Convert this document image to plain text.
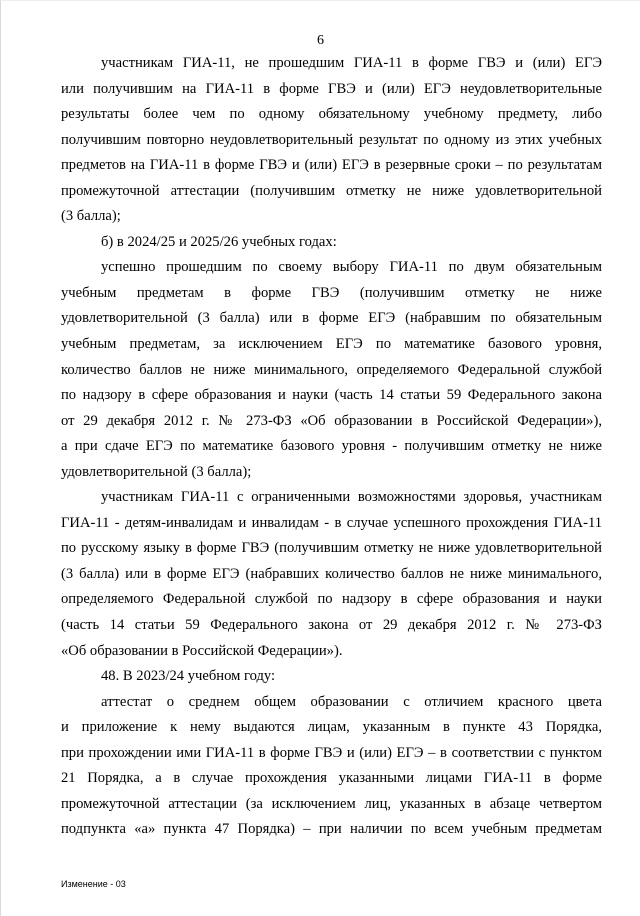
6

участникам ГИА-11, не прошедшим ГИА-11 в форме ГВЭ и (или) ЕГЭ

или получившим на ГИА-11 в форме ГВЭ и (или) ЕГЭ неудовлетворительные

результаты более чем по одному обязательному учебному предмету, либо

получившим повторно неудовлетворительный результат по одному из этих учебных

предметов на ГИА-11 в форме ГВЭ и (или) ЕГЭ в резервные сроки – по результатам

промежуточной аттестации (получившим отметку не ниже удовлетворительной

(3 балла);

б) в 2024/25 и 2025/26 учебных годах:

успешно прошедшим по своему выбору ГИА-11 по двум обязательным

учебным предметам в форме ГВЭ (получившим отметку не ниже

удовлетворительной (3 балла) или в форме ЕГЭ (набравшим по обязательным

учебным предметам, за исключением ЕГЭ по математике базового уровня,

количество баллов не ниже минимального, определяемого Федеральной службой

по надзору в сфере образования и науки (часть 14 статьи 59 Федерального закона

от 29 декабря 2012 г. № 273-ФЗ «Об образовании в Российской Федерации»),

а при сдаче ЕГЭ по математике базового уровня - получившим отметку не ниже

удовлетворительной (3 балла);

участникам ГИА-11 с ограниченными возможностями здоровья, участникам

ГИА-11 - детям-инвалидам и инвалидам - в случае успешного прохождения ГИА-11

по русскому языку в форме ГВЭ (получившим отметку не ниже удовлетворительной

(3 балла) или в форме ЕГЭ (набравших количество баллов не ниже минимального,

определяемого Федеральной службой по надзору в сфере образования и науки

(часть 14 статьи 59 Федерального закона от 29 декабря 2012 г. № 273-ФЗ

«Об образовании в Российской Федерации»).

48. В 2023/24 учебном году:

аттестат о среднем общем образовании с отличием красного цвета

и приложение к нему выдаются лицам, указанным в пункте 43 Порядка,

при прохождении ими ГИА-11 в форме ГВЭ и (или) ЕГЭ – в соответствии с пунктом

21 Порядка, а в случае прохождения указанными лицами ГИА-11 в форме

промежуточной аттестации (за исключением лиц, указанных в абзаце четвертом

подпункта «а» пункта 47 Порядка) – при наличии по всем учебным предметам

Изменение - 03
